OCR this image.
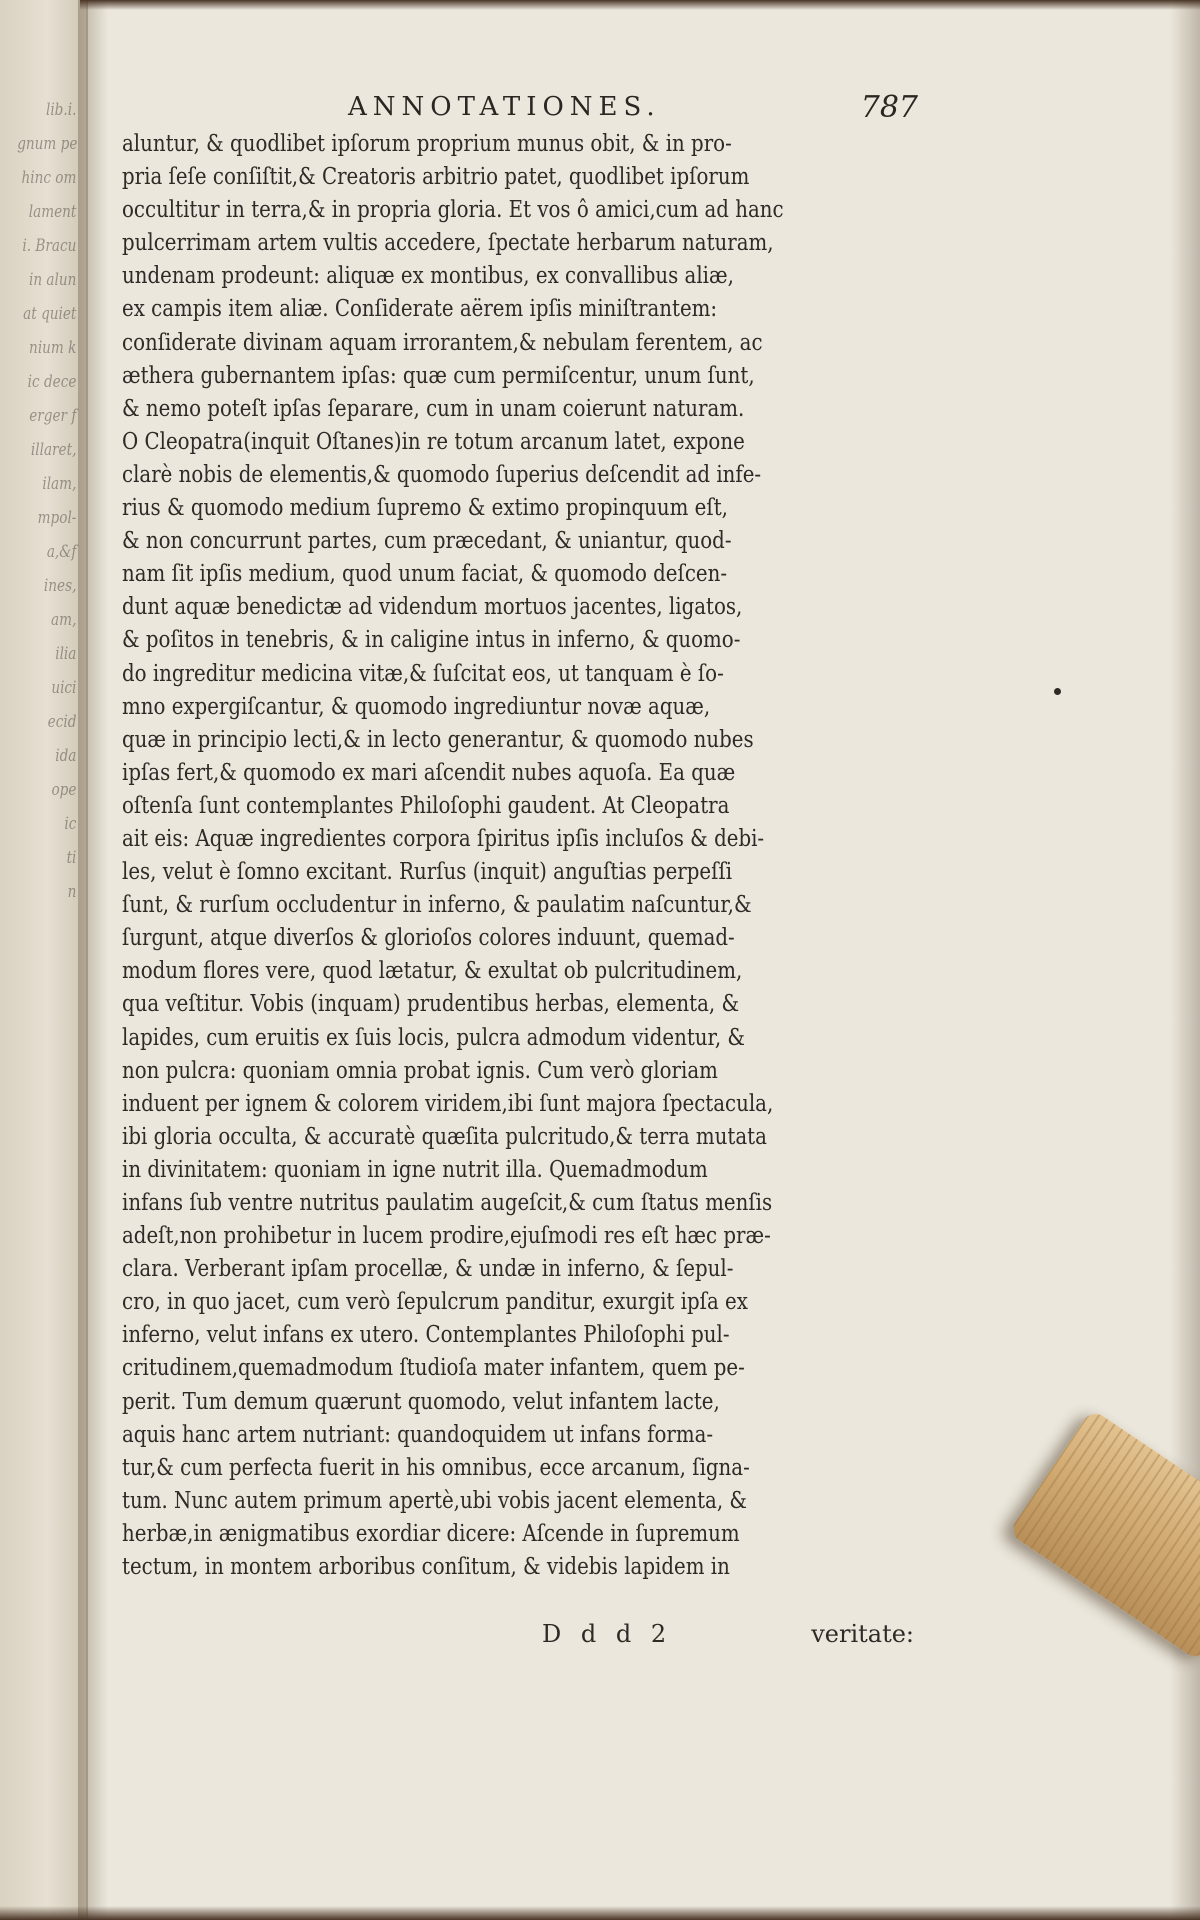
lib.i.
gnum pe
hinc om
lament
i. Bracu
in alun
at quiet
nium k
ic dece
erger f
illaret,
ilam,
mpol-
a,&f
ines,
am,
ilia
uici
ecid
ida
ope
ic
ti
n
ANNOTATIONES.	787
aluntur, & quodlibet ipſorum proprium munus obit, & in pro-
pria ſeſe conſiſtit,& Creatoris arbitrio patet, quodlibet ipſorum
occultitur in terra,& in propria gloria. Et vos ô amici,cum ad hanc
pulcerrimam artem vultis accedere, ſpectate herbarum naturam,
undenam prodeunt: aliquæ ex montibus, ex convallibus aliæ,
ex campis item aliæ. Conſiderate aërem ipſis miniſtrantem:
conſiderate divinam aquam irrorantem,& nebulam ferentem, ac
æthera gubernantem ipſas: quæ cum permiſcentur, unum ſunt,
& nemo poteſt ipſas ſeparare, cum in unam coierunt naturam.
O Cleopatra(inquit Oſtanes)in re totum arcanum latet, expone
clarè nobis de elementis,& quomodo ſuperius deſcendit ad infe-
rius & quomodo medium ſupremo & extimo propinquum eſt,
& non concurrunt partes, cum præcedant, & uniantur, quod-
nam ſit ipſis medium, quod unum faciat, & quomodo deſcen-
dunt aquæ benedictæ ad videndum mortuos jacentes, ligatos,
& poſitos in tenebris, & in caligine intus in inferno, & quomo-
do ingreditur medicina vitæ,& ſuſcitat eos, ut tanquam è ſo-
mno expergiſcantur, & quomodo ingrediuntur novæ aquæ,
quæ in principio lecti,& in lecto generantur, & quomodo nubes
ipſas fert,& quomodo ex mari aſcendit nubes aquoſa. Ea quæ
oſtenſa ſunt contemplantes Philoſophi gaudent. At Cleopatra
ait eis: Aquæ ingredientes corpora ſpiritus ipſis incluſos & debi-
les, velut è ſomno excitant. Rurſus (inquit) anguſtias perpeſſi
ſunt, & rurſum occludentur in inferno, & paulatim naſcuntur,&
ſurgunt, atque diverſos & glorioſos colores induunt, quemad-
modum flores vere, quod lætatur, & exultat ob pulcritudinem,
qua veſtitur. Vobis (inquam) prudentibus herbas, elementa, &
lapides, cum eruitis ex ſuis locis, pulcra admodum videntur, &
non pulcra: quoniam omnia probat ignis. Cum verò gloriam
induent per ignem & colorem viridem,ibi ſunt majora ſpectacula,
ibi gloria occulta, & accuratè quæſita pulcritudo,& terra mutata
in divinitatem: quoniam in igne nutrit illa. Quemadmodum
infans ſub ventre nutritus paulatim augeſcit,& cum ſtatus menſis
adeſt,non prohibetur in lucem prodire,ejuſmodi res eſt hæc præ-
clara. Verberant ipſam procellæ, & undæ in inferno, & ſepul-
cro, in quo jacet, cum verò ſepulcrum panditur, exurgit ipſa ex
inferno, velut infans ex utero. Contemplantes Philoſophi pul-
critudinem,quemadmodum ſtudioſa mater infantem, quem pe-
perit. Tum demum quærunt quomodo, velut infantem lacte,
aquis hanc artem nutriant: quandoquidem ut infans forma-
tur,& cum perfecta fuerit in his omnibus, ecce arcanum, ſigna-
tum. Nunc autem primum apertè,ubi vobis jacent elementa, &
herbæ,in ænigmatibus exordiar dicere: Aſcende in ſupremum
tectum, in montem arboribus conſitum, & videbis lapidem in
D d d 2	veritate:
